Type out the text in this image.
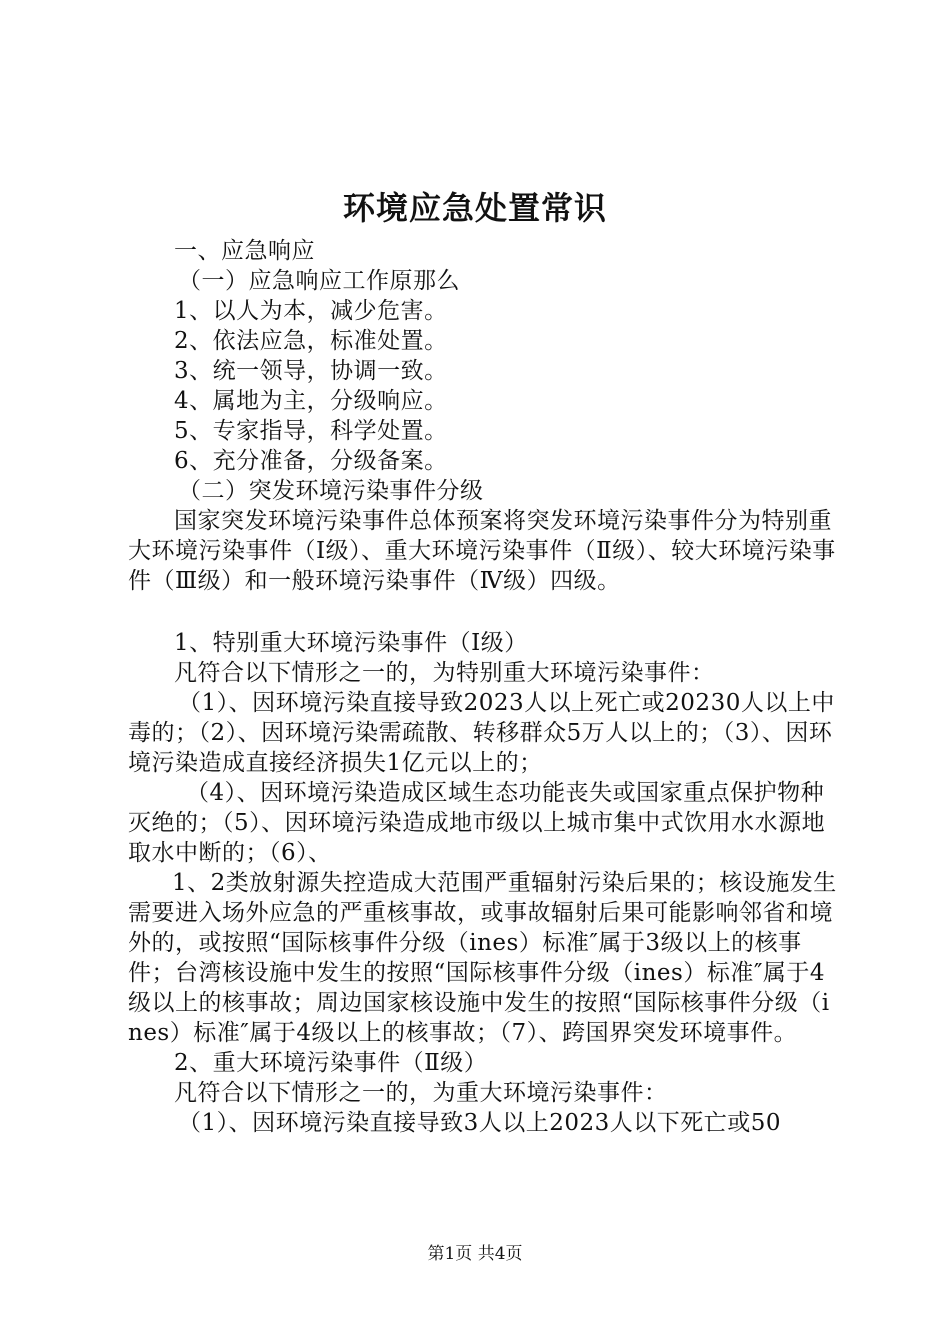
环境应急处置常识

一、应急响应

（一）应急响应工作原那么

1、以人为本，减少危害。

2、依法应急，标准处置。

3、统一领导，协调一致。

4、属地为主，分级响应。

5、专家指导，科学处置。

6、充分准备，分级备案。

（二）突发环境污染事件分级

国家突发环境污染事件总体预案将突发环境污染事件分为特别重大环境污染事件（Ⅰ级）、重大环境污染事件（Ⅱ级）、较大环境污染事件（Ⅲ级）和一般环境污染事件（Ⅳ级）四级。

1、特别重大环境污染事件（Ⅰ级）

凡符合以下情形之一的，为特别重大环境污染事件：

（1）、因环境污染直接导致2023人以上死亡或20230人以上中毒的；（2）、因环境污染需疏散、转移群众5万人以上的；（3）、因环境污染造成直接经济损失1亿元以上的；

（4）、因环境污染造成区域生态功能丧失或国家重点保护物种灭绝的；（5）、因环境污染造成地市级以上城市集中式饮用水水源地取水中断的；（6）、

1、2类放射源失控造成大范围严重辐射污染后果的；核设施发生需要进入场外应急的严重核事故，或事故辐射后果可能影响邻省和境外的，或按照“国际核事件分级（ines）标准″属于3级以上的核事件；台湾核设施中发生的按照“国际核事件分级（ines）标准″属于4级以上的核事故；周边国家核设施中发生的按照“国际核事件分级（ines）标准″属于4级以上的核事故；（7）、跨国界突发环境事件。

2、重大环境污染事件（Ⅱ级）

凡符合以下情形之一的，为重大环境污染事件：

（1）、因环境污染直接导致3人以上2023人以下死亡或50

第1页 共4页
